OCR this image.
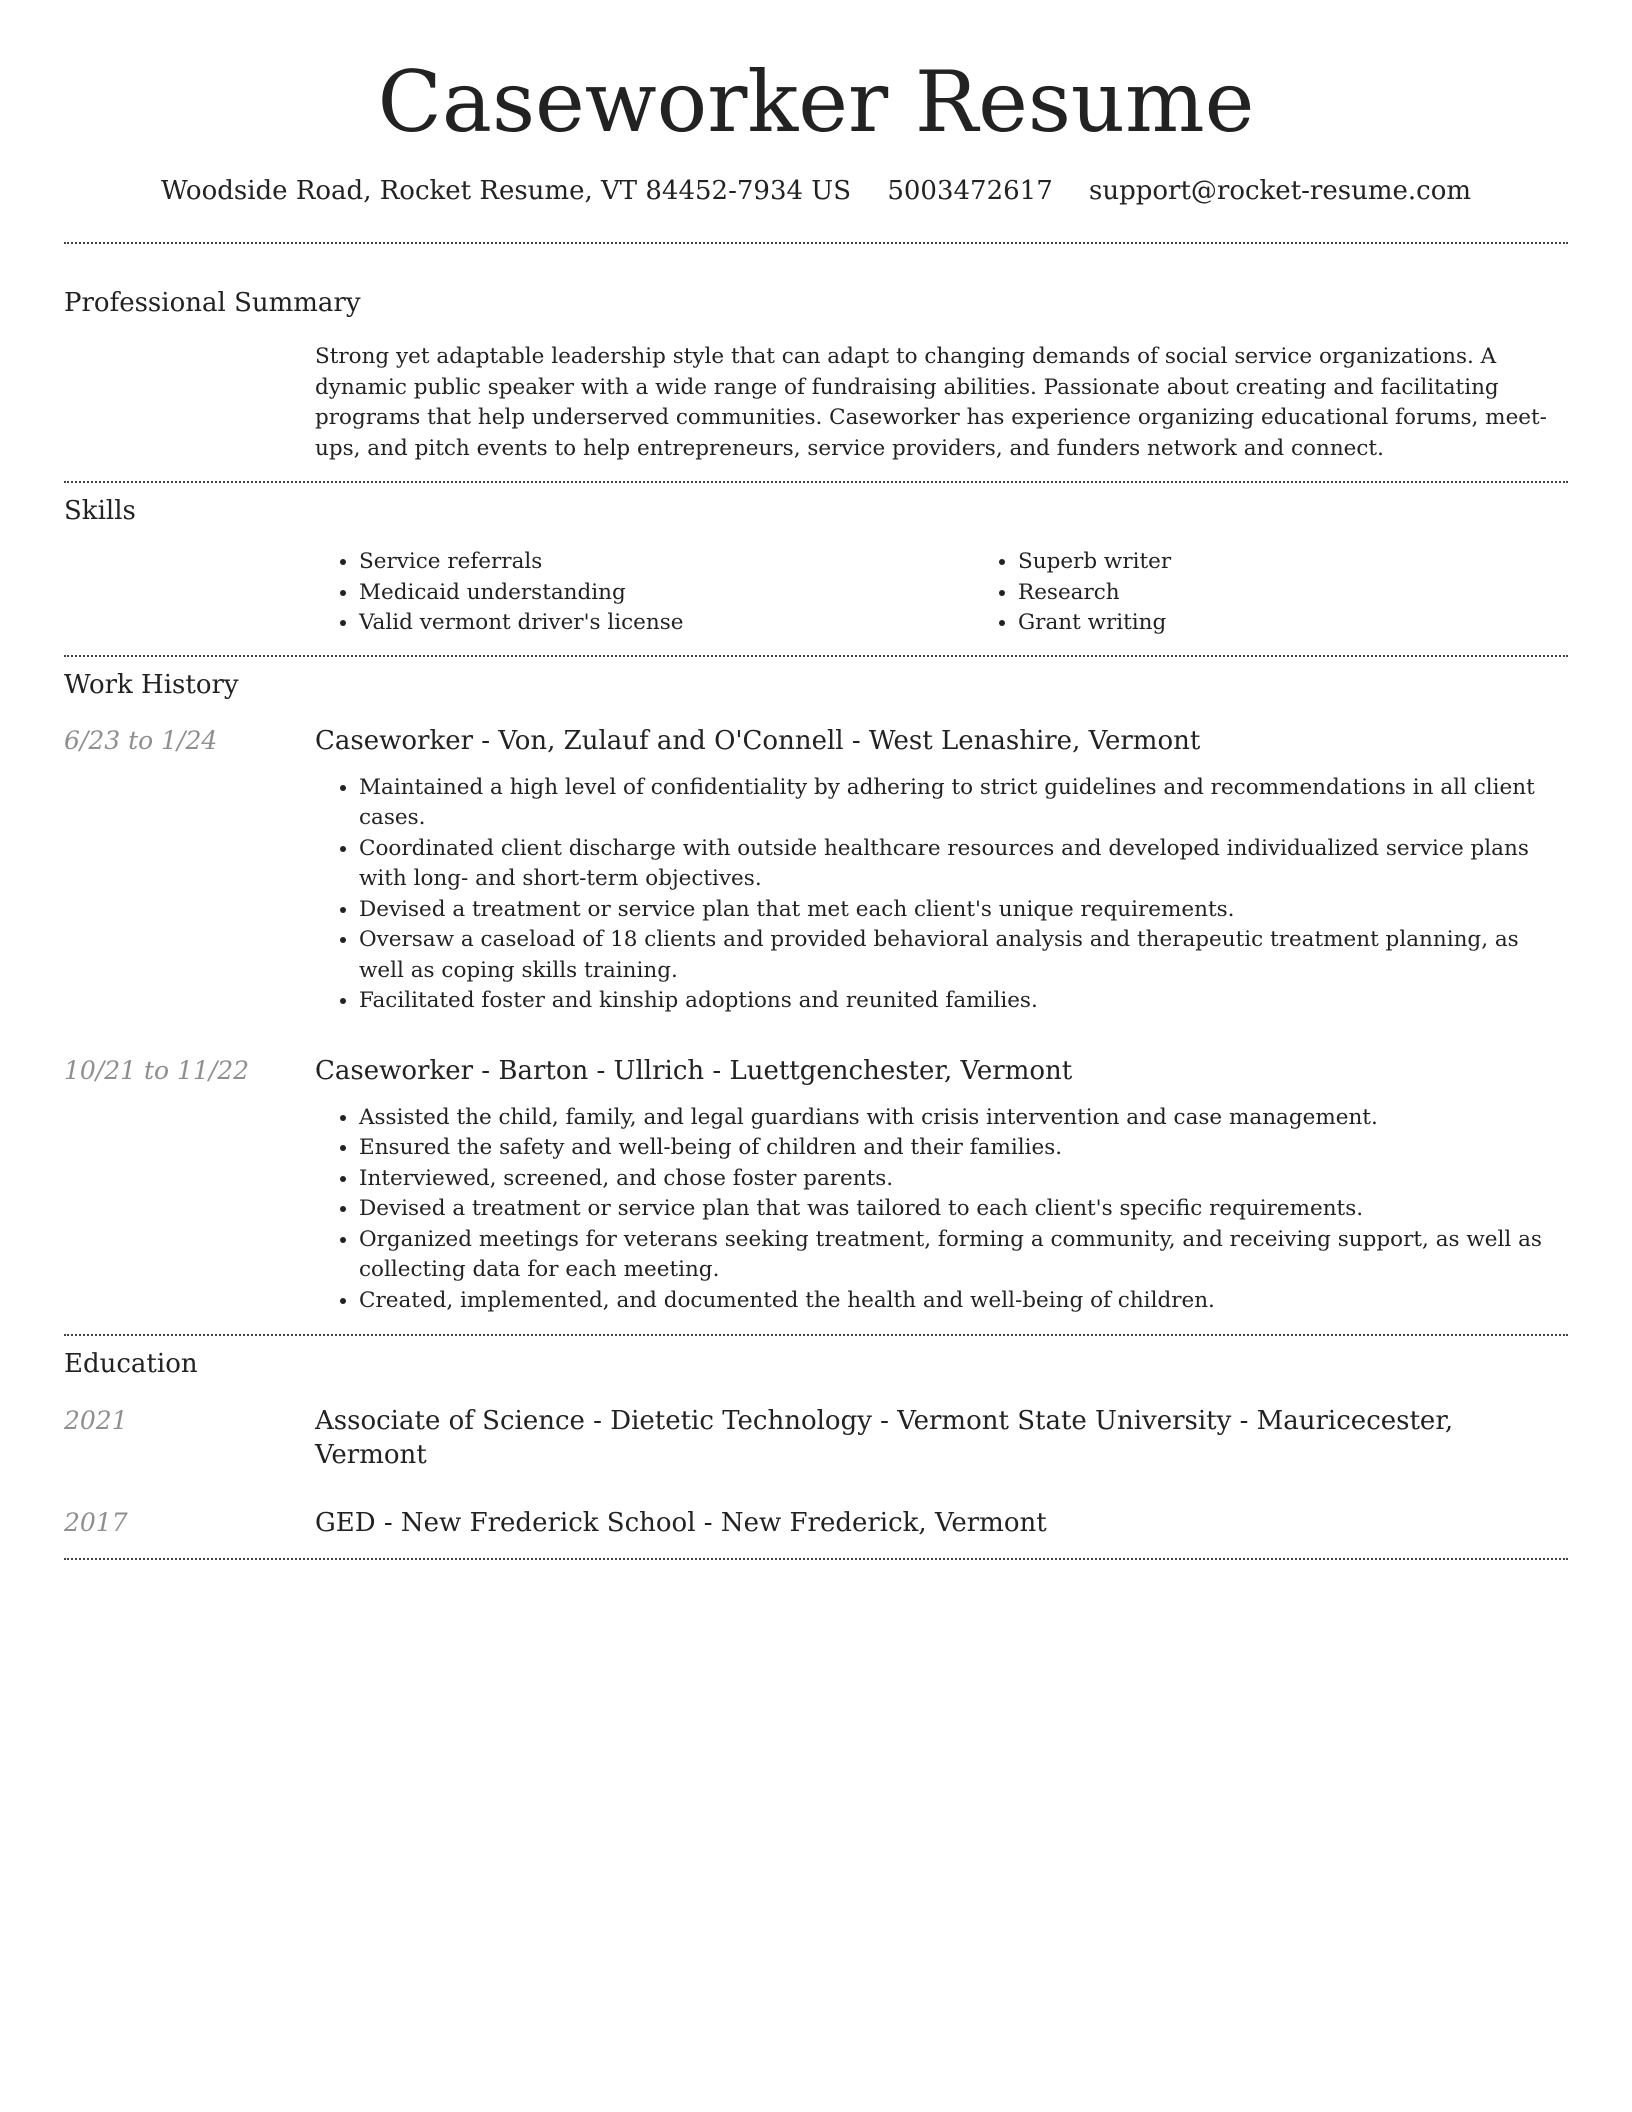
Caseworker Resume
Woodside Road, Rocket Resume, VT 84452-7934 US 5003472617 support@rocket-resume.com
Professional Summary

Strong yet adaptable leadership style that can adapt to changing demands of social service organizations. A dynamic public speaker with a wide range of fundraising abilities. Passionate about creating and facilitating programs that help underserved communities. Caseworker has experience organizing educational forums, meet-ups, and pitch events to help entrepreneurs, service providers, and funders network and connect.

Skills
• Service referrals
• Medicaid understanding
• Valid vermont driver's license
• Superb writer
• Research
• Grant writing
Work History
6/23 to 1/24	Caseworker - Von, Zulauf and O'Connell - West Lenashire, Vermont
• Maintained a high level of confidentiality by adhering to strict guidelines and recommendations in all client cases.
• Coordinated client discharge with outside healthcare resources and developed individualized service plans with long- and short-term objectives.
• Devised a treatment or service plan that met each client's unique requirements.
• Oversaw a caseload of 18 clients and provided behavioral analysis and therapeutic treatment planning, as well as coping skills training.
• Facilitated foster and kinship adoptions and reunited families.
10/21 to 11/22	Caseworker - Barton - Ullrich - Luettgenchester, Vermont
• Assisted the child, family, and legal guardians with crisis intervention and case management.
• Ensured the safety and well-being of children and their families.
• Interviewed, screened, and chose foster parents.
• Devised a treatment or service plan that was tailored to each client's specific requirements.
• Organized meetings for veterans seeking treatment, forming a community, and receiving support, as well as collecting data for each meeting.
• Created, implemented, and documented the health and well-being of children.
Education
2021	Associate of Science - Dietetic Technology - Vermont State University - Mauricecester, Vermont
2017	GED - New Frederick School - New Frederick, Vermont
